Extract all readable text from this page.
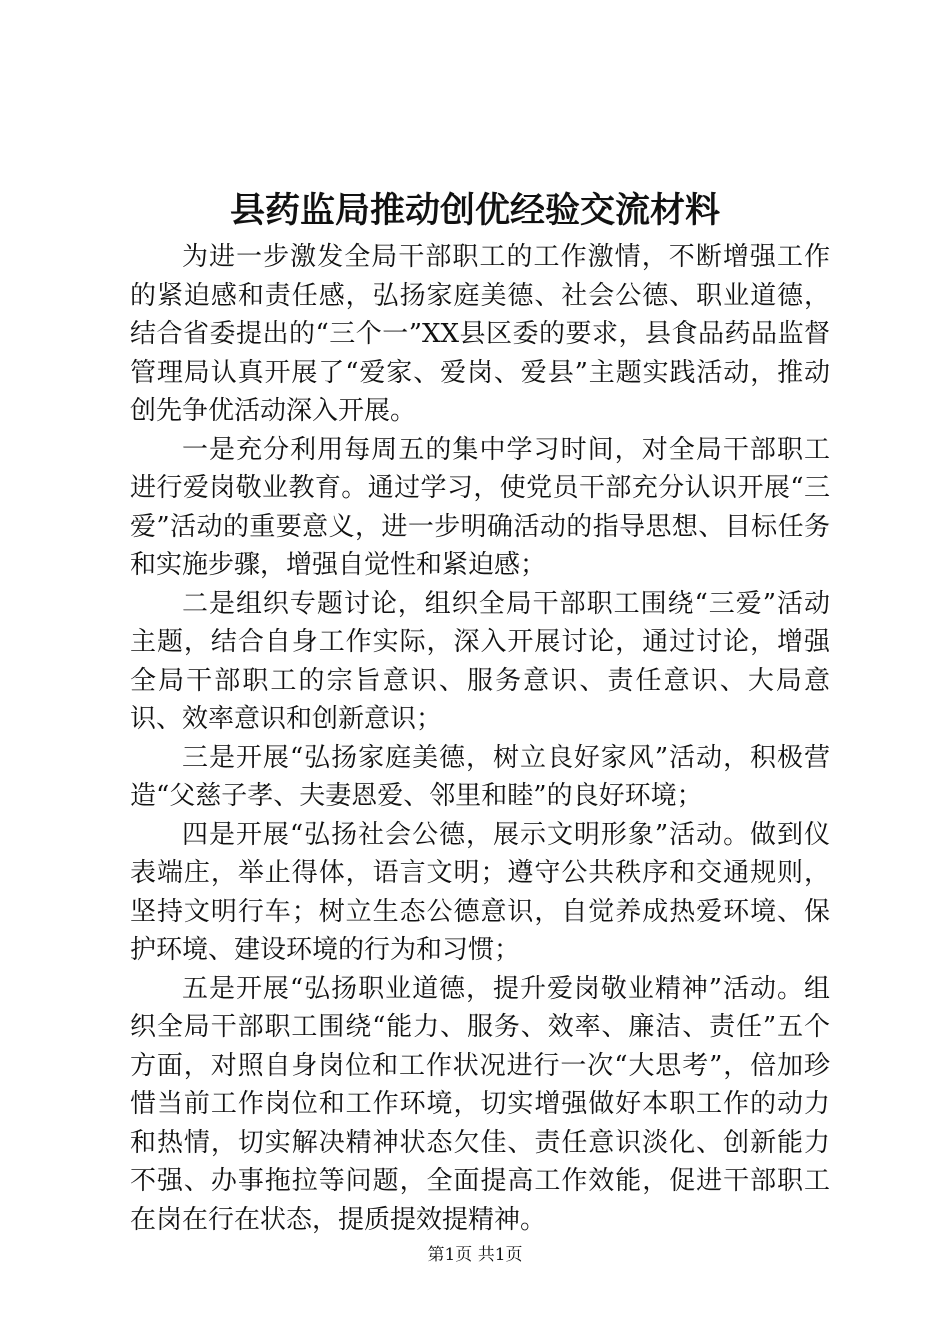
县药监局推动创优经验交流材料

为进一步激发全局干部职工的工作激情，不断增强工作的紧迫感和责任感，弘扬家庭美德、社会公德、职业道德，结合省委提出的“三个一”XX县区委的要求，县食品药品监督管理局认真开展了“爱家、爱岗、爱县”主题实践活动，推动创先争优活动深入开展。

一是充分利用每周五的集中学习时间，对全局干部职工进行爱岗敬业教育。通过学习，使党员干部充分认识开展“三爱”活动的重要意义，进一步明确活动的指导思想、目标任务和实施步骤，增强自觉性和紧迫感；

二是组织专题讨论，组织全局干部职工围绕“三爱”活动主题，结合自身工作实际，深入开展讨论，通过讨论，增强全局干部职工的宗旨意识、服务意识、责任意识、大局意识、效率意识和创新意识；

三是开展“弘扬家庭美德，树立良好家风”活动，积极营造“父慈子孝、夫妻恩爱、邻里和睦”的良好环境；

四是开展“弘扬社会公德，展示文明形象”活动。做到仪表端庄，举止得体，语言文明；遵守公共秩序和交通规则，坚持文明行车；树立生态公德意识，自觉养成热爱环境、保护环境、建设环境的行为和习惯；

五是开展“弘扬职业道德，提升爱岗敬业精神”活动。组织全局干部职工围绕“能力、服务、效率、廉洁、责任”五个方面，对照自身岗位和工作状况进行一次“大思考”，倍加珍惜当前工作岗位和工作环境，切实增强做好本职工作的动力和热情，切实解决精神状态欠佳、责任意识淡化、创新能力不强、办事拖拉等问题，全面提高工作效能，促进干部职工在岗在行在状态，提质提效提精神。

第1页 共1页
